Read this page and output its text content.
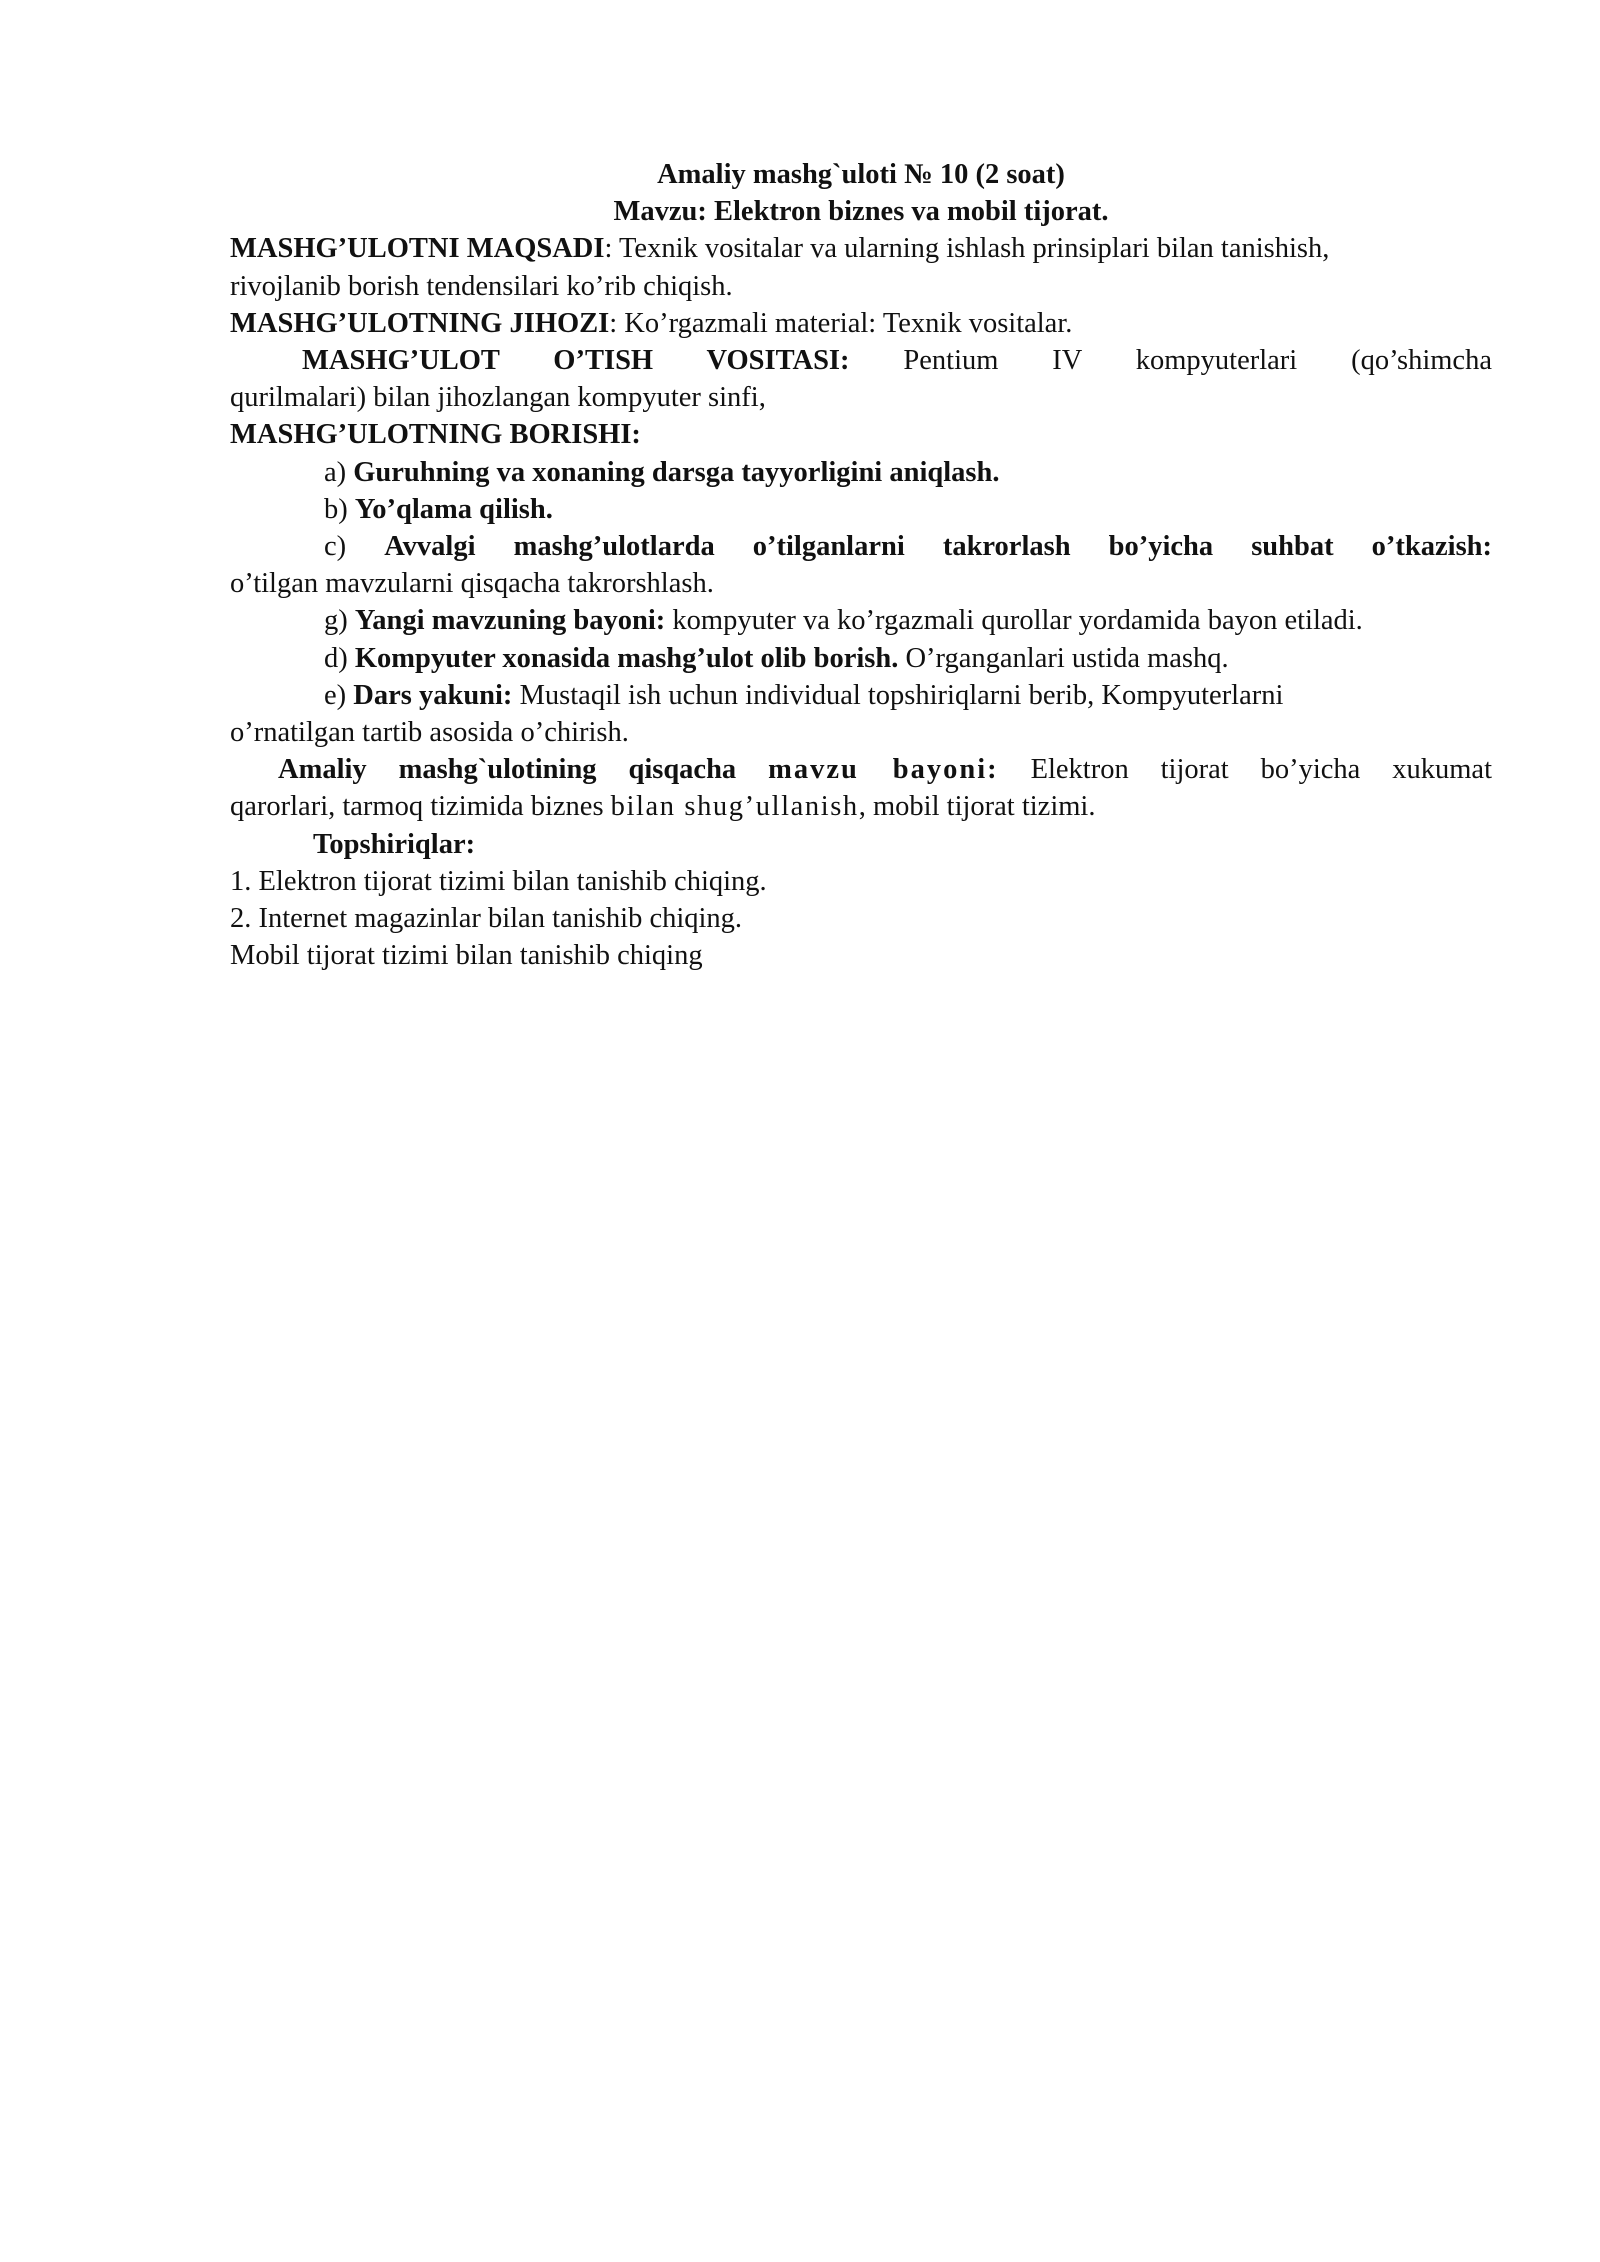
Amaliy mashg`uloti № 10 (2 soat)
Mavzu: Elektron biznes va mobil tijorat.
MASHG’ULOTNI MAQSADI: Texnik vositalar va ularning ishlash prinsiplari bilan tanishish,
rivojlanib borish tendensilari ko’rib chiqish.
MASHG’ULOTNING JIHOZI: Ko’rgazmali material: Texnik vositalar.
MASHG’ULOT O’TISH VOSITASI: Pentium IV kompyuterlari (qo’shimcha
qurilmalari) bilan jihozlangan kompyuter sinfi,
MASHG’ULOTNING BORISHI:
a) Guruhning va xonaning darsga tayyorligini aniqlash.
b) Yo’qlama qilish.
c) Avvalgi mashg’ulotlarda o’tilganlarni takrorlash bo’yicha suhbat o’tkazish:
o’tilgan mavzularni qisqacha takrorshlash.
g) Yangi mavzuning bayoni: kompyuter va ko’rgazmali qurollar yordamida bayon etiladi.
d) Kompyuter xonasida mashg’ulot olib borish. O’rganganlari ustida mashq.
e) Dars yakuni: Mustaqil ish uchun individual topshiriqlarni berib, Kompyuterlarni
o’rnatilgan tartib asosida o’chirish.
Amaliy mashg`ulotining qisqacha mavzu bayoni: Elektron tijorat bo’yicha xukumat
qarorlari, tarmoq tizimida biznes bilan shug’ullanish, mobil tijorat tizimi.
Topshiriqlar:
1. Elektron tijorat tizimi bilan tanishib chiqing.
2. Internet magazinlar bilan tanishib chiqing.
Mobil tijorat tizimi bilan tanishib chiqing
